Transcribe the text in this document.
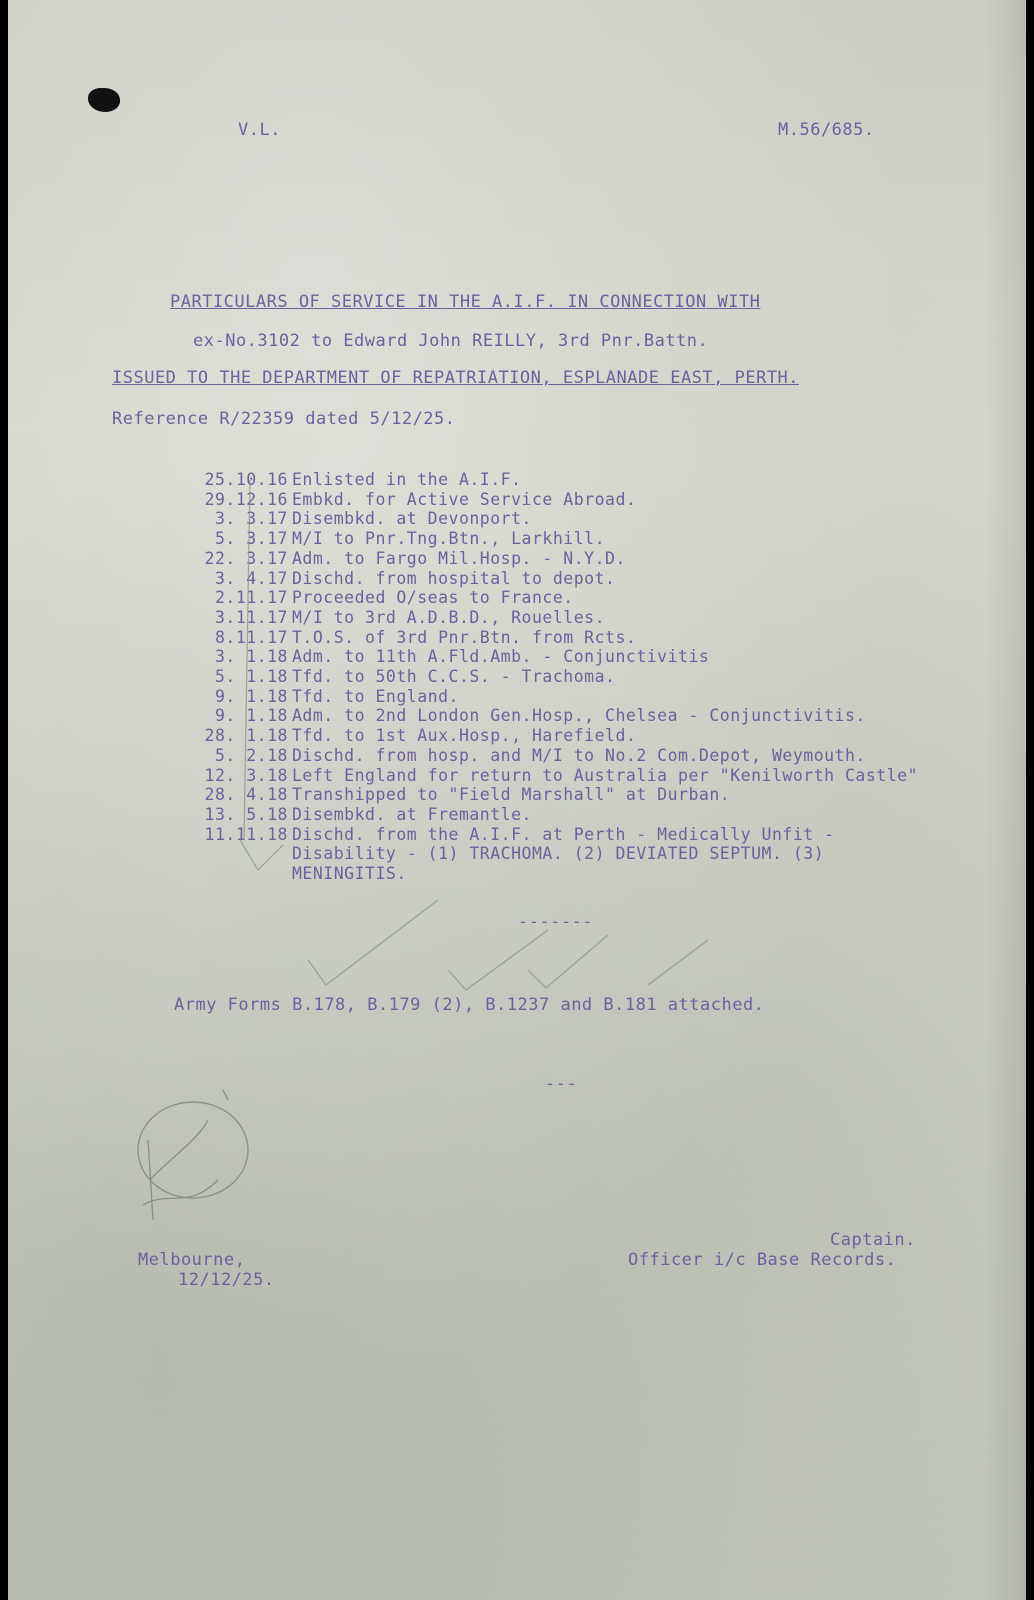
V.L.	M.56/685.
PARTICULARS OF SERVICE IN THE A.I.F. IN CONNECTION WITH
ex-No.3102 to Edward John REILLY, 3rd Pnr.Battn.
ISSUED TO THE DEPARTMENT OF REPATRIATION, ESPLANADE EAST, PERTH.
Reference R/22359 dated 5/12/25.
25.10.16 Enlisted in the A.I.F.
29.12.16 Embkd. for Active Service Abroad.
3. 3.17 Disembkd. at Devonport.
5. 3.17 M/I to Pnr.Tng.Btn., Larkhill.
22. 3.17 Adm. to Fargo Mil.Hosp. - N.Y.D.
3. 4.17 Dischd. from hospital to depot.
2.11.17 Proceeded O/seas to France.
3.11.17 M/I to 3rd A.D.B.D., Rouelles.
8.11.17 T.O.S. of 3rd Pnr.Btn. from Rcts.
3. 1.18 Adm. to 11th A.Fld.Amb. - Conjunctivitis
5. 1.18 Tfd. to 50th C.C.S. - Trachoma.
9. 1.18 Tfd. to England.
9. 1.18 Adm. to 2nd London Gen.Hosp., Chelsea - Conjunctivitis.
28. 1.18 Tfd. to 1st Aux.Hosp., Harefield.
5. 2.18 Dischd. from hosp. and M/I to No.2 Com.Depot, Weymouth.
12. 3.18 Left England for return to Australia per "Kenilworth Castle"
28. 4.18 Transhipped to "Field Marshall" at Durban.
13. 5.18 Disembkd. at Fremantle.
11.11.18 Dischd. from the A.I.F. at Perth - Medically Unfit -
Disability - (1) TRACHOMA. (2) DEVIATED SEPTUM. (3)
MENINGITIS.
-------
Army Forms B.178, B.179 (2), B.1237 and B.181 attached.
---
Melbourne,
12/12/25.
Captain.
Officer i/c Base Records.
